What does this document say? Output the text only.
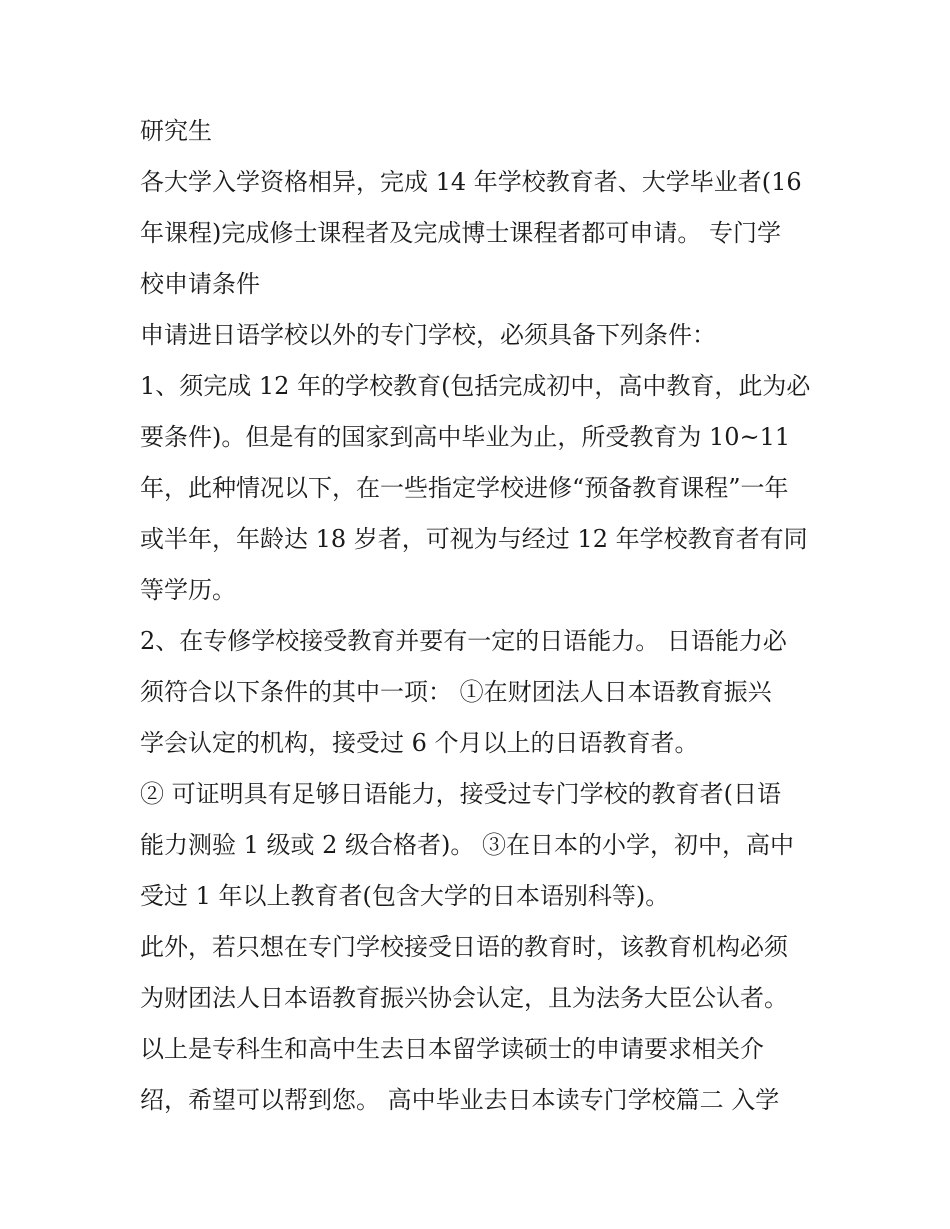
研究生
各大学入学资格相异，完成 14 年学校教育者、大学毕业者(16
年课程)完成修士课程者及完成博士课程者都可申请。 专门学
校申请条件
申请进日语学校以外的专门学校，必须具备下列条件：
1、须完成 12 年的学校教育(包括完成初中，高中教育，此为必
要条件)。但是有的国家到高中毕业为止，所受教育为 10~11
年，此种情况以下，在一些指定学校进修“预备教育课程”一年
或半年，年龄达 18 岁者，可视为与经过 12 年学校教育者有同
等学历。
2、在专修学校接受教育并要有一定的日语能力。 日语能力必
须符合以下条件的其中一项： ①在财团法人日本语教育振兴
学会认定的机构，接受过 6 个月以上的日语教育者。
② 可证明具有足够日语能力，接受过专门学校的教育者(日语
能力测验 1 级或 2 级合格者)。 ③在日本的小学，初中，高中
受过 1 年以上教育者(包含大学的日本语别科等)。
此外，若只想在专门学校接受日语的教育时，该教育机构必须
为财团法人日本语教育振兴协会认定，且为法务大臣公认者。
以上是专科生和高中生去日本留学读硕士的申请要求相关介
绍，希望可以帮到您。 高中毕业去日本读专门学校篇二 入学
